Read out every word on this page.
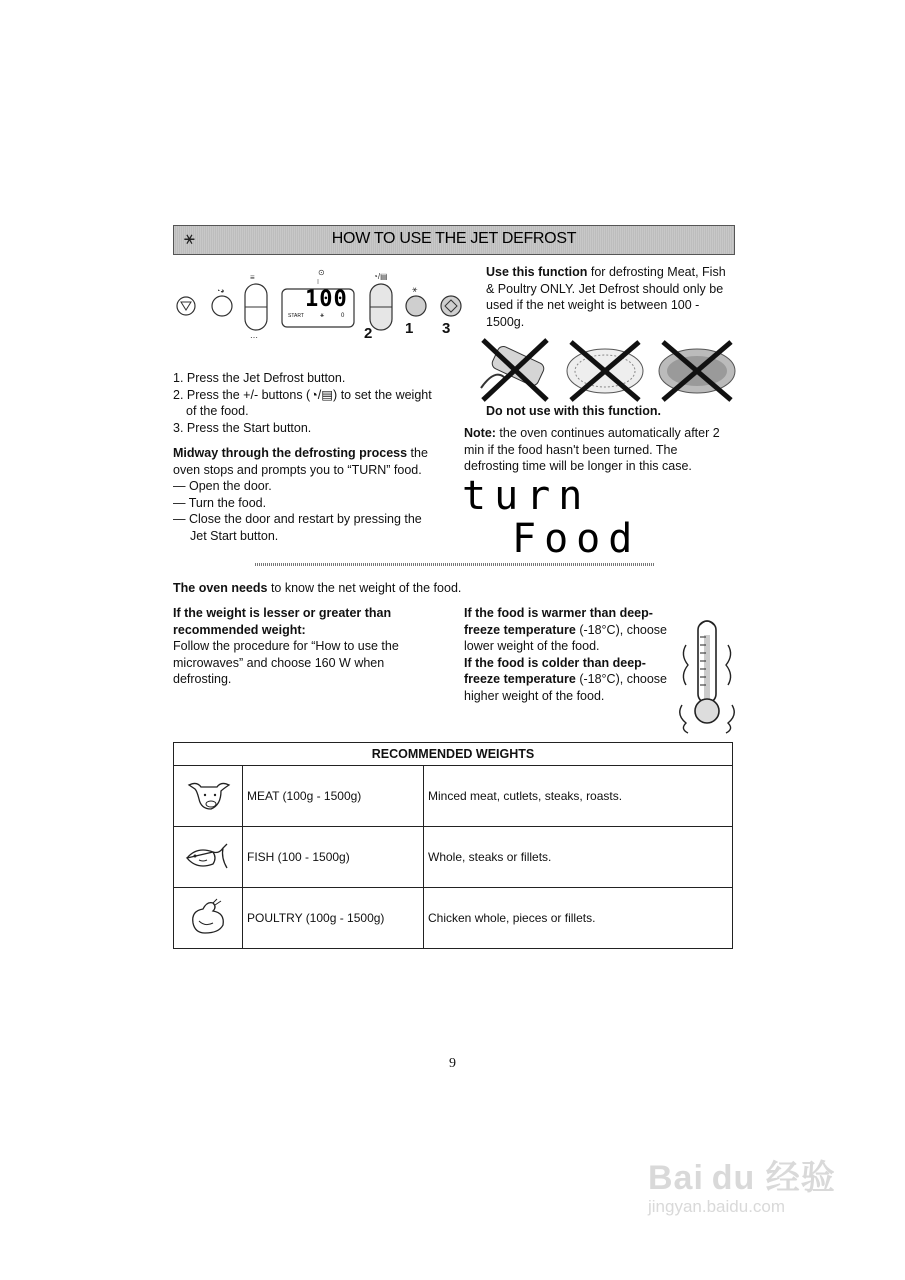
⚹	HOW TO USE THE JET DEFROST
◔◕
≡
⋯
⊙
START ⚹	0
◔/▤
⚹
100
2 1 3
Use this function for defrosting Meat, Fish & Poultry ONLY. Jet Defrost should only be used if the net weight is between 100 - 1500g.
Do not use with this function.
Note: the oven continues automatically after 2 min if the food hasn't been turned. The defrosting time will be longer in this case.
turn
Food
1. Press the Jet Defrost button.
2. Press the +/- buttons (◔/▤) to set the weight
of the food.
3. Press the Start button.
Midway through the defrosting process the oven stops and prompts you to “TURN” food.
— Open the door.
— Turn the food.
— Close the door and restart by pressing the
Jet Start button.
The oven needs to know the net weight of the food.
If the weight is lesser or greater than
recommended weight:
Follow the procedure for “How to use the microwaves” and choose 160 W when defrosting.
If the food is warmer than deep-freeze temperature (-18°C), choose lower weight of the food.
If the food is colder than deep-freeze temperature (-18°C), choose higher weight of the food.
RECOMMENDED WEIGHTS		
	MEAT (100g - 1500g)	Minced meat, cutlets, steaks, roasts.
	FISH (100 - 1500g)	Whole, steaks or fillets.
	POULTRY (100g - 1500g)	Chicken whole, pieces or fillets.
9
Bai du 经验
jingyan.baidu.com
